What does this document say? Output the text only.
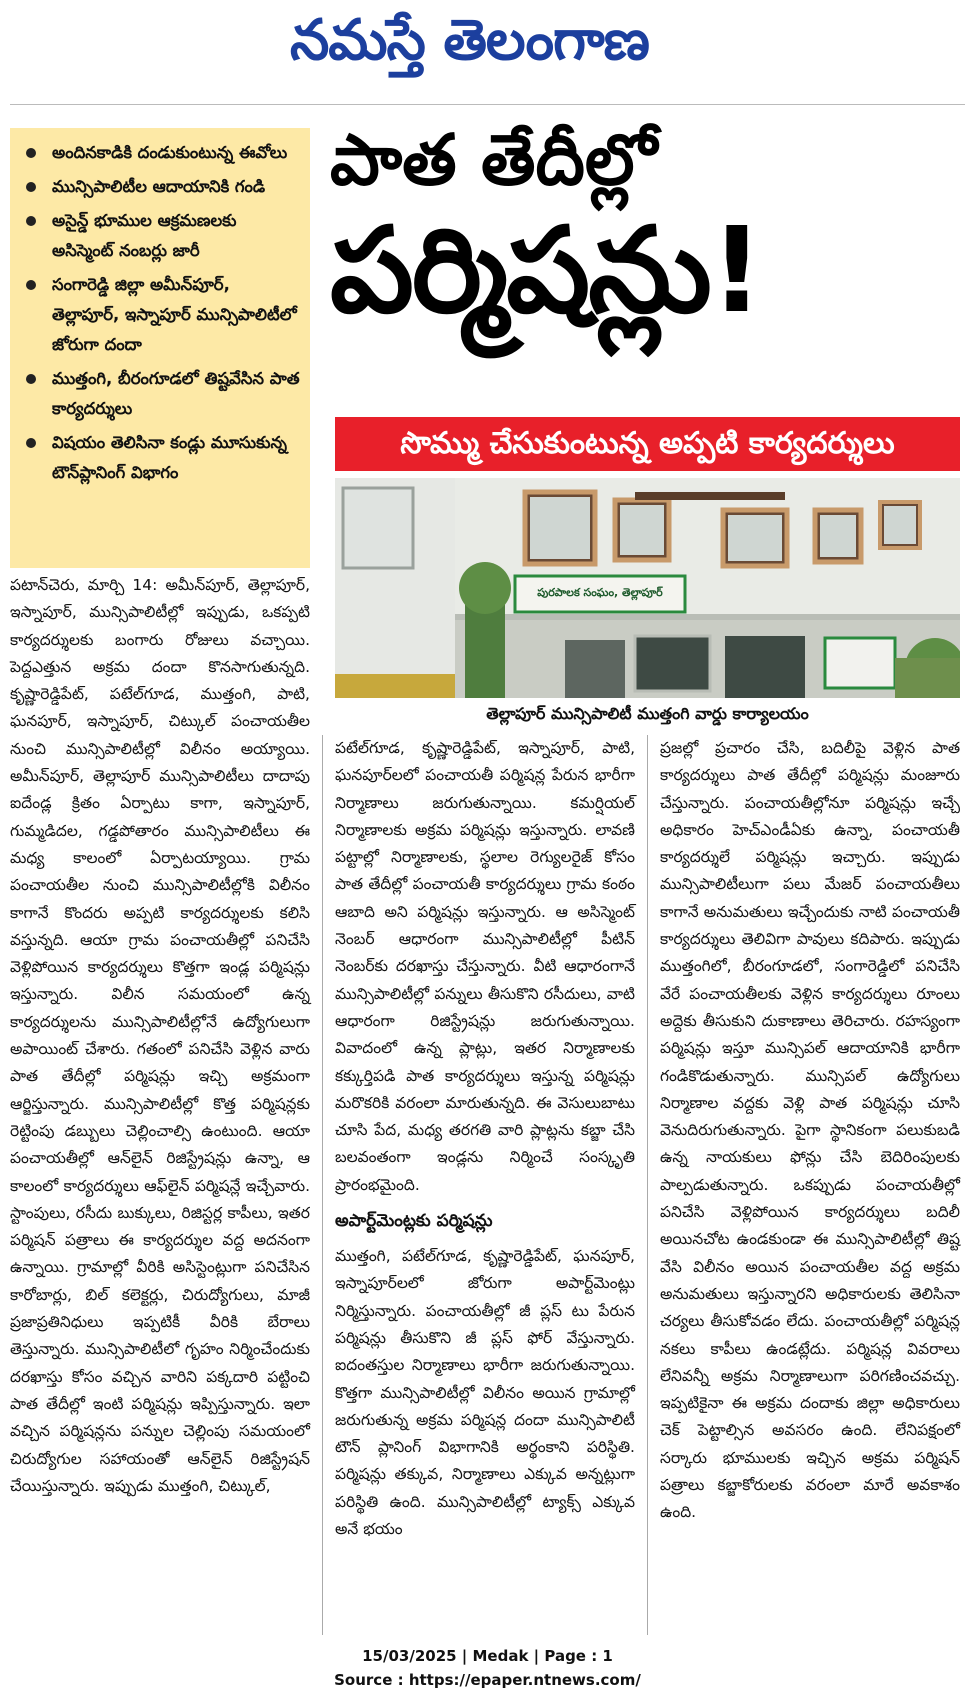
నమస్తే తెలంగాణ
అందినకాడికి దండుకుంటున్న ఈవోలు
మున్సిపాలిటీల ఆదాయానికి గండి
అసైన్డ్ భూముల ఆక్రమణలకు అసిస్మెంట్ నంబర్లు జారీ
సంగారెడ్డి జిల్లా అమీన్‌పూర్, తెల్లాపూర్, ఇస్నాపూర్ మున్సిపాలిటీలో జోరుగా దందా
ముత్తంగి, బీరంగూడలో తిష్టవేసిన పాత కార్యదర్శులు
విషయం తెలిసినా కండ్లు మూసుకున్న టౌన్‌ప్లానింగ్ విభాగం
పాత తేదీల్లో
పర్మిషన్లు!
సొమ్ము చేసుకుంటున్న అప్పటి కార్యదర్శులు
పురపాలక సంఘం, తెల్లాపూర్
తెల్లాపూర్ మున్సిపాలిటీ ముత్తంగి వార్డు కార్యాలయం

పటాన్‌చెరు, మార్చి 14: అమీన్‌పూర్, తెల్లాపూర్, ఇస్నాపూర్, మున్సిపాలిటీల్లో ఇప్పుడు, ఒకప్పటి కార్యదర్శులకు బంగారు రోజులు వచ్చాయి. పెద్దఎత్తున అక్రమ దందా కొనసాగుతున్నది. కృష్ణారెడ్డిపేట్, పటేల్‌గూడ, ముత్తంగి, పాటి, ఘనపూర్, ఇస్నాపూర్, చిట్కుల్ పంచాయతీల నుంచి మున్సిపాలిటీల్లో విలీనం అయ్యాయి. అమీన్‌పూర్, తెల్లాపూర్ మున్సిపాలిటీలు దాదాపు ఐదేండ్ల క్రితం ఏర్పాటు కాగా, ఇస్నాపూర్, గుమ్మడిదల, గడ్డపోతారం మున్సిపాలిటీలు ఈ మధ్య కాలంలో ఏర్పాటయ్యాయి. గ్రామ పంచాయతీల నుంచి మున్సిపాలిటీల్లోకి విలీనం కాగానే కొందరు అప్పటి కార్యదర్శులకు కలిసి వస్తున్నది. ఆయా గ్రామ పంచాయతీల్లో పనిచేసి వెళ్లిపోయిన కార్యదర్శులు కొత్తగా ఇండ్ల పర్మిషన్లు ఇస్తున్నారు. విలీన సమయంలో ఉన్న కార్యదర్శులను మున్సిపాలిటీల్లోనే ఉద్యోగులుగా అపాయింట్ చేశారు. గతంలో పనిచేసి వెళ్లిన వారు పాత తేదీల్లో పర్మిషన్లు ఇచ్చి అక్రమంగా ఆర్జిస్తున్నారు. మున్సిపాలిటీల్లో కొత్త పర్మిషన్లకు రెట్టింపు డబ్బులు చెల్లించాల్సి ఉంటుంది. ఆయా పంచాయతీల్లో ఆన్‌లైన్ రిజిస్ట్రేషన్లు ఉన్నా, ఆ కాలంలో కార్యదర్శులు ఆఫ్‌లైన్ పర్మిషన్లే ఇచ్చేవారు. స్టాంపులు, రసీదు బుక్కులు, రిజిస్టర్ల కాపీలు, ఇతర పర్మిషన్ పత్రాలు ఈ కార్యదర్శుల వద్ద అదనంగా ఉన్నాయి. గ్రామాల్లో వీరికి అసిస్టెంట్లుగా పనిచేసిన కారోబార్లు, బిల్ కలెక్టర్లు, చిరుద్యోగులు, మాజీ ప్రజాప్రతినిధులు ఇప్పటికీ వీరికి బేరాలు తెస్తున్నారు. మున్సిపాలిటీలో గృహం నిర్మించేందుకు దరఖాస్తు కోసం వచ్చిన వారిని పక్కదారి పట్టించి పాత తేదీల్లో ఇంటి పర్మిషన్లు ఇప్పిస్తున్నారు. ఇలా వచ్చిన పర్మిషన్లను పన్నుల చెల్లింపు సమయంలో చిరుద్యోగుల సహాయంతో ఆన్‌లైన్ రిజిస్ట్రేషన్ చేయిస్తున్నారు. ఇప్పుడు ముత్తంగి, చిట్కుల్,

పటేల్‌గూడ, కృష్ణారెడ్డిపేట్, ఇస్నాపూర్, పాటి, ఘనపూర్‌లలో పంచాయతీ పర్మిషన్ల పేరున భారీగా నిర్మాణాలు జరుగుతున్నాయి. కమర్షియల్ నిర్మాణాలకు అక్రమ పర్మిషన్లు ఇస్తున్నారు. లావణి పట్టాల్లో నిర్మాణాలకు, స్థలాల రెగ్యులరైజ్ కోసం పాత తేదీల్లో పంచాయతీ కార్యదర్శులు గ్రామ కంఠం ఆబాది అని పర్మిషన్లు ఇస్తున్నారు. ఆ అసిస్మెంట్ నెంబర్ ఆధారంగా మున్సిపాలిటీల్లో పీటిన్ నెంబర్‌కు దరఖాస్తు చేస్తున్నారు. వీటి ఆధారంగానే మున్సిపాలిటీల్లో పన్నులు తీసుకొని రసీదులు, వాటి ఆధారంగా రిజిస్ట్రేషన్లు జరుగుతున్నాయి. వివాదంలో ఉన్న ప్లాట్లు, ఇతర నిర్మాణాలకు కక్కుర్తిపడి పాత కార్యదర్శులు ఇస్తున్న పర్మిషన్లు మరొకరికి వరంలా మారుతున్నది. ఈ వెసులుబాటు చూసి పేద, మధ్య తరగతి వారి ప్లాట్లను కబ్జా చేసి బలవంతంగా ఇండ్లను నిర్మించే సంస్కృతి ప్రారంభమైంది.

అపార్ట్‌మెంట్లకు పర్మిషన్లు

ముత్తంగి, పటేల్‌గూడ, కృష్ణారెడ్డిపేట్, ఘనపూర్, ఇస్నాపూర్‌లలో జోరుగా అపార్ట్‌మెంట్లు నిర్మిస్తున్నారు. పంచాయతీల్లో జీ ప్లస్ టు పేరున పర్మిషన్లు తీసుకొని జీ ప్లస్ ఫోర్ వేస్తున్నారు. ఐదంతస్తుల నిర్మాణాలు భారీగా జరుగుతున్నాయి. కొత్తగా మున్సిపాలిటీల్లో విలీనం అయిన గ్రామాల్లో జరుగుతున్న అక్రమ పర్మిషన్ల దందా మున్సిపాలిటీ టౌన్ ప్లానింగ్ విభాగానికి అర్థంకాని పరిస్థితి. పర్మిషన్లు తక్కువ, నిర్మాణాలు ఎక్కువ అన్నట్లుగా పరిస్థితి ఉంది. మున్సిపాలిటీల్లో ట్యాక్స్ ఎక్కువ అనే భయం

ప్రజల్లో ప్రచారం చేసి, బదిలీపై వెళ్లిన పాత కార్యదర్శులు పాత తేదీల్లో పర్మిషన్లు మంజూరు చేస్తున్నారు. పంచాయతీల్లోనూ పర్మిషన్లు ఇచ్చే అధికారం హెచ్‌ఎండీఏకు ఉన్నా, పంచాయతీ కార్యదర్శులే పర్మిషన్లు ఇచ్చారు. ఇప్పుడు మున్సిపాలిటీలుగా పలు మేజర్ పంచాయతీలు కాగానే అనుమతులు ఇచ్చేందుకు నాటి పంచాయతీ కార్యదర్శులు తెలివిగా పావులు కదిపారు. ఇప్పుడు ముత్తంగిలో, బీరంగూడలో, సంగారెడ్డిలో పనిచేసి వేరే పంచాయతీలకు వెళ్లిన కార్యదర్శులు రూంలు అద్దెకు తీసుకుని దుకాణాలు తెరిచారు. రహస్యంగా పర్మిషన్లు ఇస్తూ మున్సిపల్ ఆదాయానికి భారీగా గండికొడుతున్నారు. మున్సిపల్ ఉద్యోగులు నిర్మాణాల వద్దకు వెళ్లి పాత పర్మిషన్లు చూసి వెనుదిరుగుతున్నారు. పైగా స్థానికంగా పలుకుబడి ఉన్న నాయకులు ఫోన్లు చేసి బెదిరింపులకు పాల్పడుతున్నారు. ఒకప్పుడు పంచాయతీల్లో పనిచేసి వెళ్లిపోయిన కార్యదర్శులు బదిలీ అయినచోట ఉండకుండా ఈ మున్సిపాలిటీల్లో తిష్ట వేసి విలీనం అయిన పంచాయతీల వద్ద అక్రమ అనుమతులు ఇస్తున్నారని అధికారులకు తెలిసినా చర్యలు తీసుకోవడం లేదు. పంచాయతీల్లో పర్మిషన్ల నకలు కాపీలు ఉండట్లేదు. పర్మిషన్ల వివరాలు లేనివన్నీ అక్రమ నిర్మాణాలుగా పరిగణించవచ్చు. ఇప్పటికైనా ఈ అక్రమ దందాకు జిల్లా అధికారులు చెక్ పెట్టాల్సిన అవసరం ఉంది. లేనిపక్షంలో సర్కారు భూములకు ఇచ్చిన అక్రమ పర్మిషన్ పత్రాలు కబ్జాకోరులకు వరంలా మారే అవకాశం ఉంది.

15/03/2025 | Medak | Page : 1
Source : https://epaper.ntnews.com/
